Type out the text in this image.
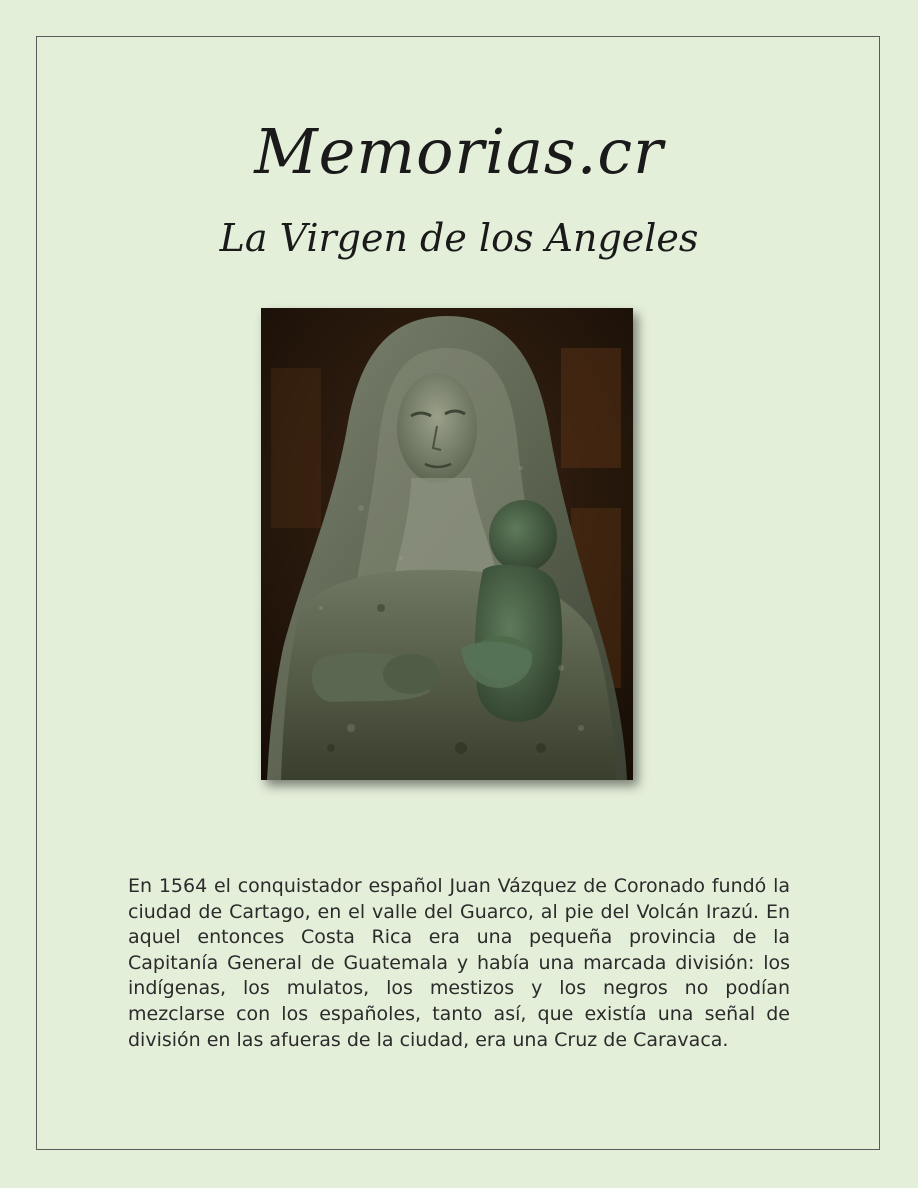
Memorias.cr
La Virgen de los Angeles

En 1564 el conquistador español Juan Vázquez de Coronado fundó la ciudad de Cartago, en el valle del Guarco, al pie del Volcán Irazú. En aquel entonces Costa Rica era una pequeña provincia de la Capitanía General de Guatemala y había una marcada división: los indígenas, los mulatos, los mestizos y los negros no podían mezclarse con los españoles, tanto así, que existía una señal de división en las afueras de la ciudad, era una Cruz de Caravaca.
